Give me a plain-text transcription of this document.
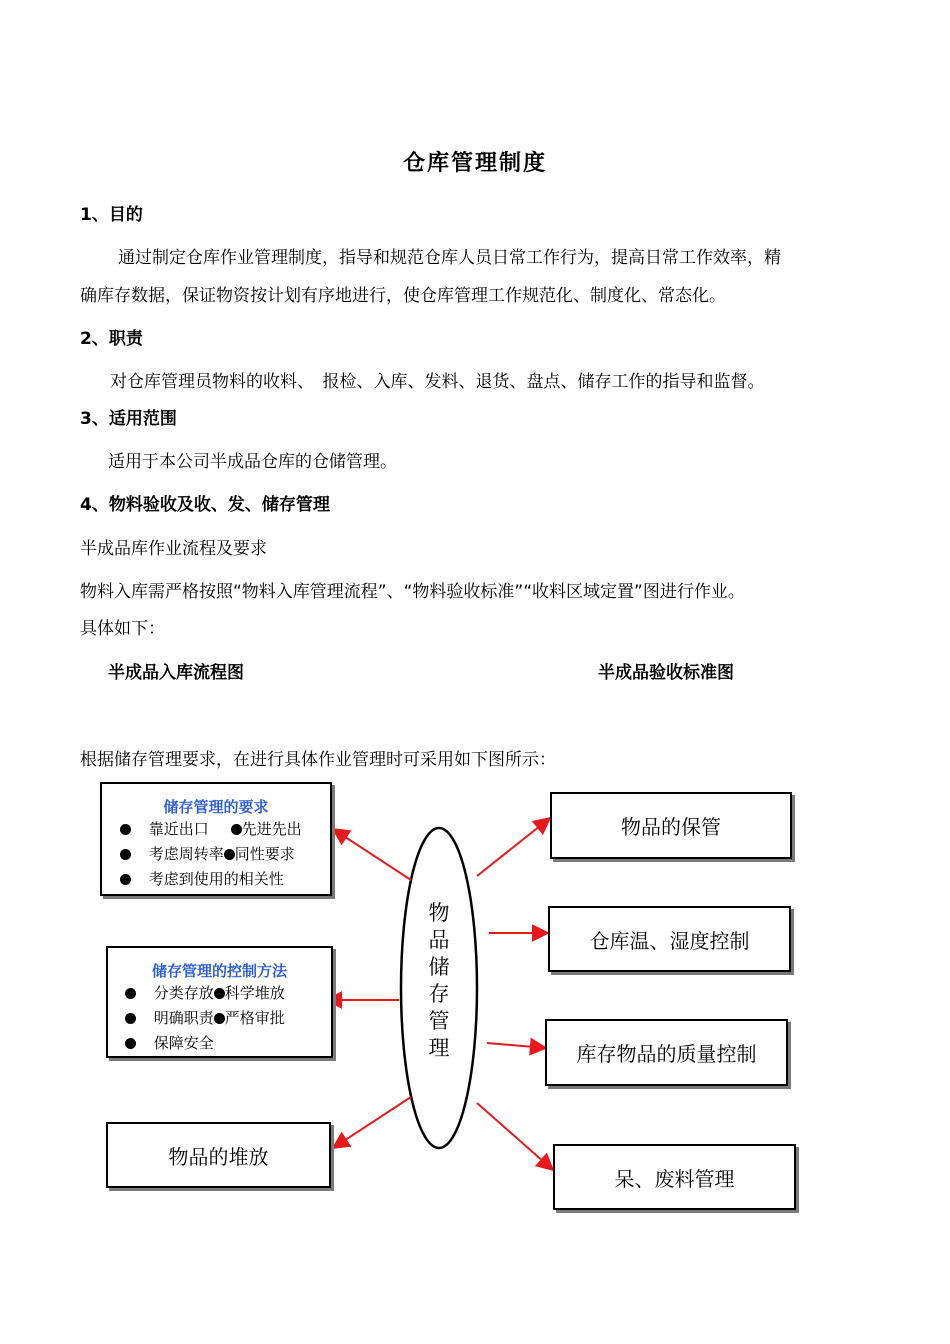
仓库管理制度
1、目的
通过制定仓库作业管理制度，指导和规范仓库人员日常工作行为，提高日常工作效率，精
确库存数据，保证物资按计划有序地进行，使仓库管理工作规范化、制度化、常态化。
2、职责
对仓库管理员物料的收料、　报检、入库、发料、退货、盘点、储存工作的指导和监督。
3、适用范围
适用于本公司半成品仓库的仓储管理。
4、物料验收及收、发、储存管理
半成品库作业流程及要求
物料入库需严格按照“物料入库管理流程”、“物料验收标准”“收料区域定置”图进行作业。
具体如下：
半成品入库流程图	半成品验收标准图
根据储存管理要求，在进行具体作业管理时可采用如下图所示：
物
品
储
存
管
理
储存管理的要求
靠近出口 先进先出
考虑周转率 同性要求
考虑到使用的相关性
储存管理的控制方法
分类存放 科学堆放
明确职责 严格审批
保障安全
物品的堆放
物品的保管
仓库温、湿度控制
库存物品的质量控制
呆、废料管理
